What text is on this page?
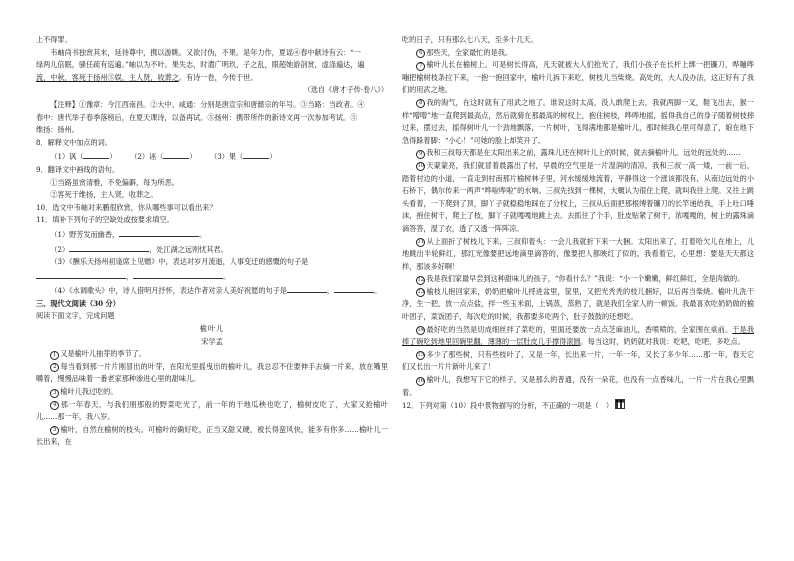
上不得罪。

韦岫尚书独赏其末，延待尊中，携以游眺。又欲讨伪，不果。是年力作，夏谣④春中献诗有云：“一

绿两儿倍眠，骚任疏有巡遍。”岫以为不叶。果失志，时遣广明玖，子之乱，眼超她游剖赏，虚涤遍达，遍

流，中秋，客死于扬州⑤娱，主人贤，收葬之。有诗一卷，今传于世。

（选自《唐才子传·卷八》）

【注释】①豫章：今江西南昌。②大中、咸通：分别是唐宣宗和唐懿宗的年号。③当路：当政者。④

春中：唐代举子春季落榜后，在夏天课诗，以备再试。⑤扬州：携带所作的新诗文再一次参加考试。⑤

维扬：扬州。

8．解释文中加点的词。

（1）讽（	）      （2）诬（	）      （3）果（	）

9．翻译文中画线的语句。

①当路虽赏清雅，不免偏僻，每为所恶。

②客死于维扬，主人贤，收葬之。

10．选文中韦岫对来鹏很欣赏，你从哪些事可以看出来？

11．填补下列句子的空缺处或按要求填空。

（1）野芳发而幽香，	。

（2）	，处江湖之远则忧其君。

（3）《酬乐天扬州初逢席上见赠》中，表达对岁月流逝，人事变迁的感慨的句子是

，	。

（4）《水调歌头》中，诗人借明月抒怀，表达作者对亲人美好祝愿的句子是	，	。

三、现代文阅读（30 分）

阅读下面文字，完成问题

榆叶儿

宋学孟

1 又是榆叶儿抽芽的季节了。

2 每当看到那一片片刚冒出的叶芽，在阳光里摇曳出的榆叶儿，我总忍不住要伸手去摘一片来，放在嘴里嚼着，慢慢品味着一番老家那种渗进心里的甜味儿。

3 榆叶儿我过吃的。

4 那一年春天，与我们朋那般的野菜吃光了，前一年的干地瓜秧也吃了，榆树皮吃了，大家又抢榆叶儿……那一年，我八岁。

5 榆叶，自然在榆树的枝头。可榆叶的确好吃，正当又甜又硬，被长得蛮风快，能多有你多……榆叶儿一长出来，在

吃的日子，只有那么七八天，至多十几天。

6 那些天，全家最忙的是我。

7 榆叶儿长在榆树上。可是树长得高，凡天就被大人们抢光了，我们小孩子在长杆上绑一把镰刀，哗嘣哗嘣把榆树枝条拉下来，一抱一抱回家中，榆叶儿拆下来吃，树枝儿当柴烧。高处的，大人没办法，这正好有了我们的用武之地。

8 我的淘气，在这时就有了用武之地了。谁说这时太高，没人敢爬上去，我就两脚一叉，鞋飞出去，猴一样“噌噌”地一直爬到最高点，然后就骑在那最高的树杈上，抱住树枝，哗哗地摇，摇得我自己的身子随着树枝摔过来，摆过去，摇得树叶儿一个劲地飘落，一片树叶，飞得满地都是榆叶儿，那时候我心里可得意了，娘在地下急得跺着脚：“小心！”可她的脸上却笑开了。

9 我和三叔每天都是在太阳出来之前，露珠儿还在树叶儿上的时候，就去摘榆叶儿。远处的远处的……

10 天蒙蒙亮，我们就冒着晨露出了村，早晨的空气里是一片湿润的清凉，我和三叔一高一矮，一前一后，踏着村边的小道，一直走到村南那片榆树林子里，河水缓缓地流着，平静得这一个涨该都没有，从南边远处的小石桥下，偶尔传来一两声“哗啦哗啦”的水响。三叔先找到一棵树，大概认为很住上爬，就叫我往上爬。又往上跳头看着，一下爬到了顶，脚丫子就稳稳地踩在了分杈上，三叔从后面把那根缚着镰刀的长竿递给我，手上吐口唾沫，抱住树干，爬上了枝，脚丫子就嘎嘎地跳上去。去抓住了个手，肚皮贴紧了树干，浓嘎嘎的，树上的露珠滴滴答答，湿了衣，透了又透一阵阵凉。

11 从上面折了树枝儿下来，三叔仰着头：一会儿我就折下来一大捆。太阳出来了，打着哈欠儿在地上，儿地跳出半轮鲜红，那红光像要把远地滴里滴答的，像要把人都映红了似的。我看着它，心里想：要是天天都这样，那该多好啊！

12 我是我们家最早尝到这种甜味儿的孩子，“你看什么？”我说：“小一个嫩嫩，鲜红鲜红，全是肉做的。

13 榆枝儿抱回家来，奶奶把榆叶儿捋进盆里，筐里，又把光秃秃的枝儿捆好，以后再当柴烧。榆叶儿洗干净，生一把，放一点点盐，拌一些玉米面，上锅蒸，蒸熟了，就是我们全家人的一顿饭。我最喜欢吃奶奶做的榆叶团子，菜饭团子，每次吃的时候，我都要多吃两个，肚子鼓鼓的还想吃。

14 最好吃的当然是切成细丝拌了菜吃的，里面还要放一点点芝麻油儿，香喷喷的，全家围在桌前。干是我捧了碗吃到地里回碗里翻，薄薄的一层肚皮儿手撑得滚圆。每当这时，奶奶就对我说：吃吧，吃吧，多吃点。

15 多少了那些树，只有些枝叶了，又是一年，长出来一片，一年一年，又长了多少年……那一年，春天它们又长出一片片新叶儿来了！

16 榆叶儿，我想写下它的样子，又是那么的普通，没有一朵花，也没有一点香味儿，一片一片在我心里飘着。

12．下列对第（10）段中景物描写的分析，不正确的一项是（　）
